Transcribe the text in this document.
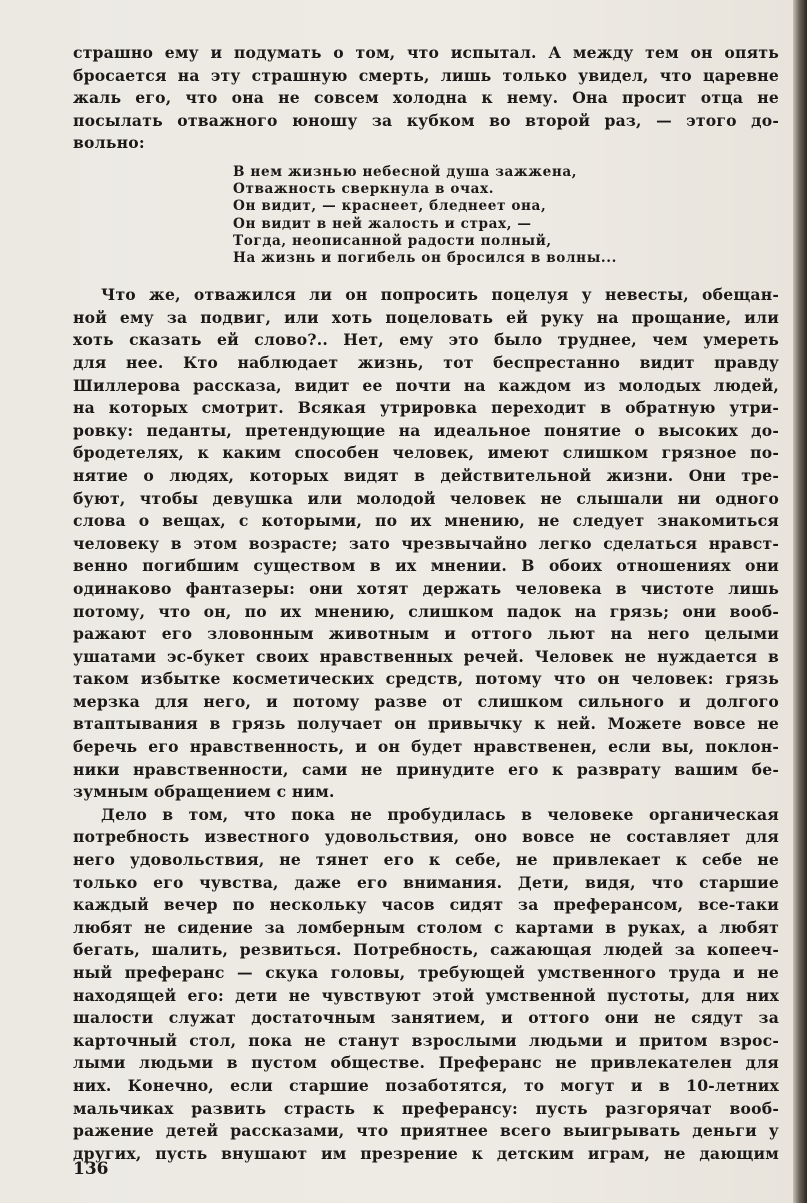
страшно ему и подумать о том, что испытал. А между тем он опять

бросается на эту страшную смерть, лишь только увидел, что царевне

жаль его, что она не совсем холодна к нему. Она просит отца не

посылать отважного юношу за кубком во второй раз, — этого до-

вольно:

В нем жизнью небесной душа зажжена,
Отважность сверкнула в очах.
Он видит, — краснеет, бледнеет она,
Он видит в ней жалость и страх, —
Тогда, неописанной радости полный,
На жизнь и погибель он бросился в волны...

Что же, отважился ли он попросить поцелуя у невесты, обещан-

ной ему за подвиг, или хоть поцеловать ей руку на прощание, или

хоть сказать ей слово?.. Нет, ему это было труднее, чем умереть

для нее. Кто наблюдает жизнь, тот беспрестанно видит правду

Шиллерова рассказа, видит ее почти на каждом из молодых людей,

на которых смотрит. Всякая утрировка переходит в обратную утри-

ровку: педанты, претендующие на идеальное понятие о высоких до-

бродетелях, к каким способен человек, имеют слишком грязное по-

нятие о людях, которых видят в действительной жизни. Они тре-

буют, чтобы девушка или молодой человек не слышали ни одного

слова о вещах, с которыми, по их мнению, не следует знакомиться

человеку в этом возрасте; зато чрезвычайно легко сделаться нравст-

венно погибшим существом в их мнении. В обоих отношениях они

одинаково фантазеры: они хотят держать человека в чистоте лишь

потому, что он, по их мнению, слишком падок на грязь; они вооб-

ражают его зловонным животным и оттого льют на него целыми

ушатами эс-букет своих нравственных речей. Человек не нуждается в

таком избытке косметических средств, потому что он человек: грязь

мерзка для него, и потому разве от слишком сильного и долгого

втаптывания в грязь получает он привычку к ней. Можете вовсе не

беречь его нравственность, и он будет нравственен, если вы, поклон-

ники нравственности, сами не принудите его к разврату вашим бе-

зумным обращением с ним.

Дело в том, что пока не пробудилась в человеке органическая

потребность известного удовольствия, оно вовсе не составляет для

него удовольствия, не тянет его к себе, не привлекает к себе не

только его чувства, даже его внимания. Дети, видя, что старшие

каждый вечер по нескольку часов сидят за преферансом, все-таки

любят не сидение за ломберным столом с картами в руках, а любят

бегать, шалить, резвиться. Потребность, сажающая людей за копееч-

ный преферанс — скука головы, требующей умственного труда и не

находящей его: дети не чувствуют этой умственной пустоты, для них

шалости служат достаточным занятием, и оттого они не сядут за

карточный стол, пока не станут взрослыми людьми и притом взрос-

лыми людьми в пустом обществе. Преферанс не привлекателен для

них. Конечно, если старшие позаботятся, то могут и в 10-летних

мальчиках развить страсть к преферансу: пусть разгорячат вооб-

ражение детей рассказами, что приятнее всего выигрывать деньги у

других, пусть внушают им презрение к детским играм, не дающим

136
